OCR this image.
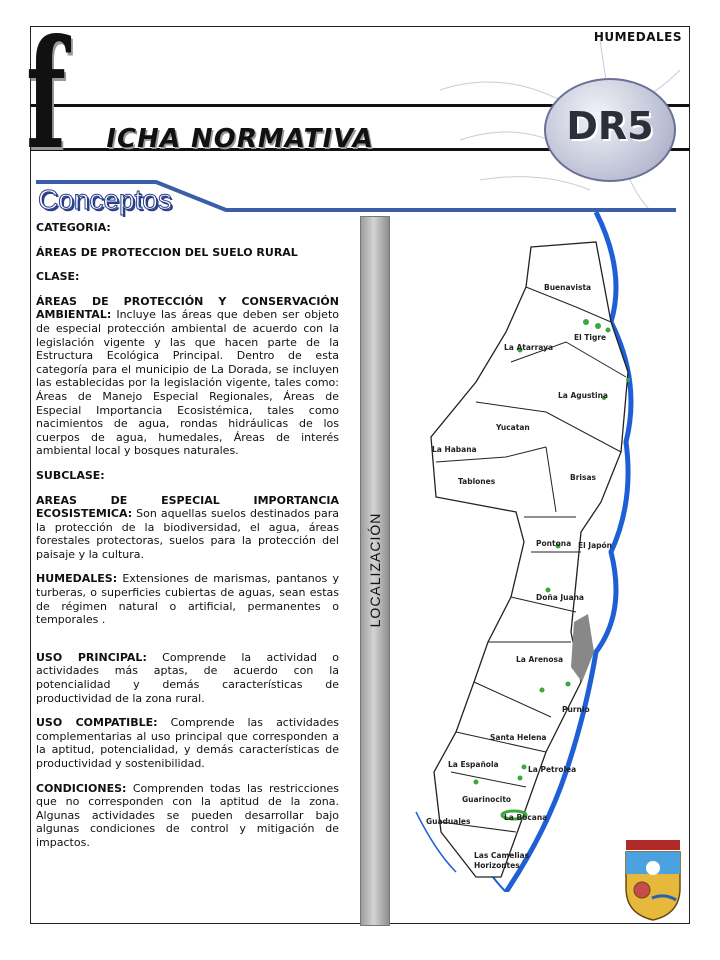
HUMEDALES
f ICHA NORMATIVA	DR5
Conceptos

CATEGORIA:

ÁREAS DE PROTECCION DEL SUELO RURAL

CLASE:

ÁREAS DE PROTECCIÓN Y CONSERVACIÓN AMBIENTAL: Incluye las áreas que deben ser objeto de especial protección ambiental de acuerdo con la legislación vigente y las que hacen parte de la Estructura Ecológica Principal. Dentro de esta categoría para el municipio de La Dorada, se incluyen las establecidas por la legislación vigente, tales como: Áreas de Manejo Especial Regionales, Áreas de Especial Importancia Ecosistémica, tales como nacimientos de agua, rondas hidráulicas de los cuerpos de agua, humedales, Áreas de interés ambiental local y bosques naturales.

SUBCLASE:

AREAS DE ESPECIAL IMPORTANCIA ECOSISTEMICA: Son aquellas suelos destinados para la protección de la biodiversidad, el agua, áreas forestales protectoras, suelos para la protección del paisaje y la cultura.

HUMEDALES: Extensiones de marismas, pantanos y turberas, o superficies cubiertas de aguas, sean estas de régimen natural o artificial, permanentes o temporales .

USO PRINCIPAL: Comprende la actividad o actividades más aptas, de acuerdo con la potencialidad y demás características de productividad de la zona rural.

USO COMPATIBLE: Comprende las actividades complementarias al uso principal que corresponden a la aptitud, potencialidad, y demás características de productividad y sostenibilidad.

CONDICIONES: Comprenden todas las restricciones que no corresponden con la aptitud de la zona. Algunas actividades se pueden desarrollar bajo algunas condiciones de control y mitigación de impactos.

LOCALIZACIÓN
Buenavista
El Tigre
La Atarraya
La Agustina
Yucatan
La Habana
Tablones	Brisas
Pontona El Japón
Doña Juana
La Arenosa
Purnio
Santa Helena
La Española
La Petrolea
Guarinocito
La Bocana
Guaduales
Las Camelias
Horizontes
